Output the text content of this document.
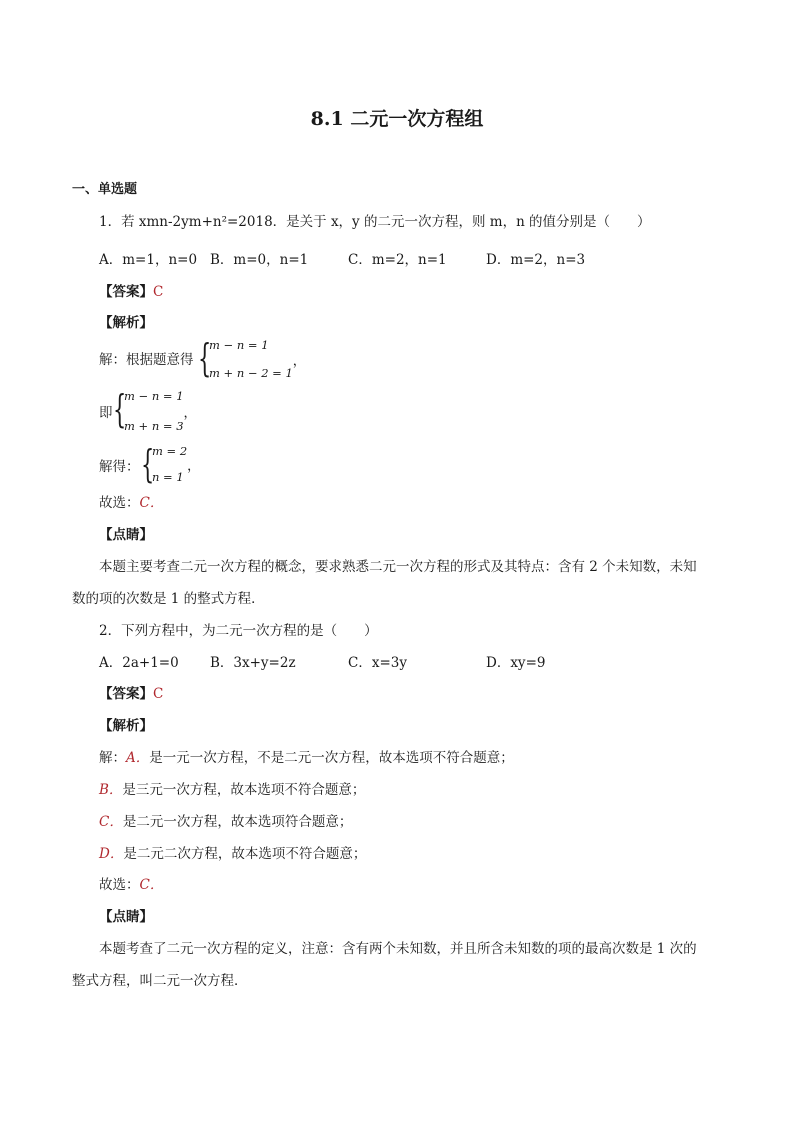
8.1 二元一次方程组
一、单选题
1．若 xmn-2ym+n²=2018．是关于 x，y 的二元一次方程，则 m，n 的值分别是（　　）
A．m=1，n=0 B．m=0，n=1	C．m=2，n=1	D．m=2，n=3
【答案】C
【解析】
解：根据题意得 {
m − n = 1
m + n − 2 = 1
，
即 {
m − n = 1
m + n = 3
，
解得： {
m = 2
n = 1
，
故选：C．
【点睛】
本题主要考查二元一次方程的概念，要求熟悉二元一次方程的形式及其特点：含有 2 个未知数，未知
数的项的次数是 1 的整式方程．
2．下列方程中，为二元一次方程的是（　　）
A．2a+1=0 B．3x+y=2z	C．x=3y	D．xy=9
【答案】C
【解析】
解：A．是一元一次方程，不是二元一次方程，故本选项不符合题意；
B．是三元一次方程，故本选项不符合题意；
C．是二元一次方程，故本选项符合题意；
D．是二元二次方程，故本选项不符合题意；
故选：C．
【点睛】
本题考查了二元一次方程的定义，注意：含有两个未知数，并且所含未知数的项的最高次数是 1 次的
整式方程，叫二元一次方程．
